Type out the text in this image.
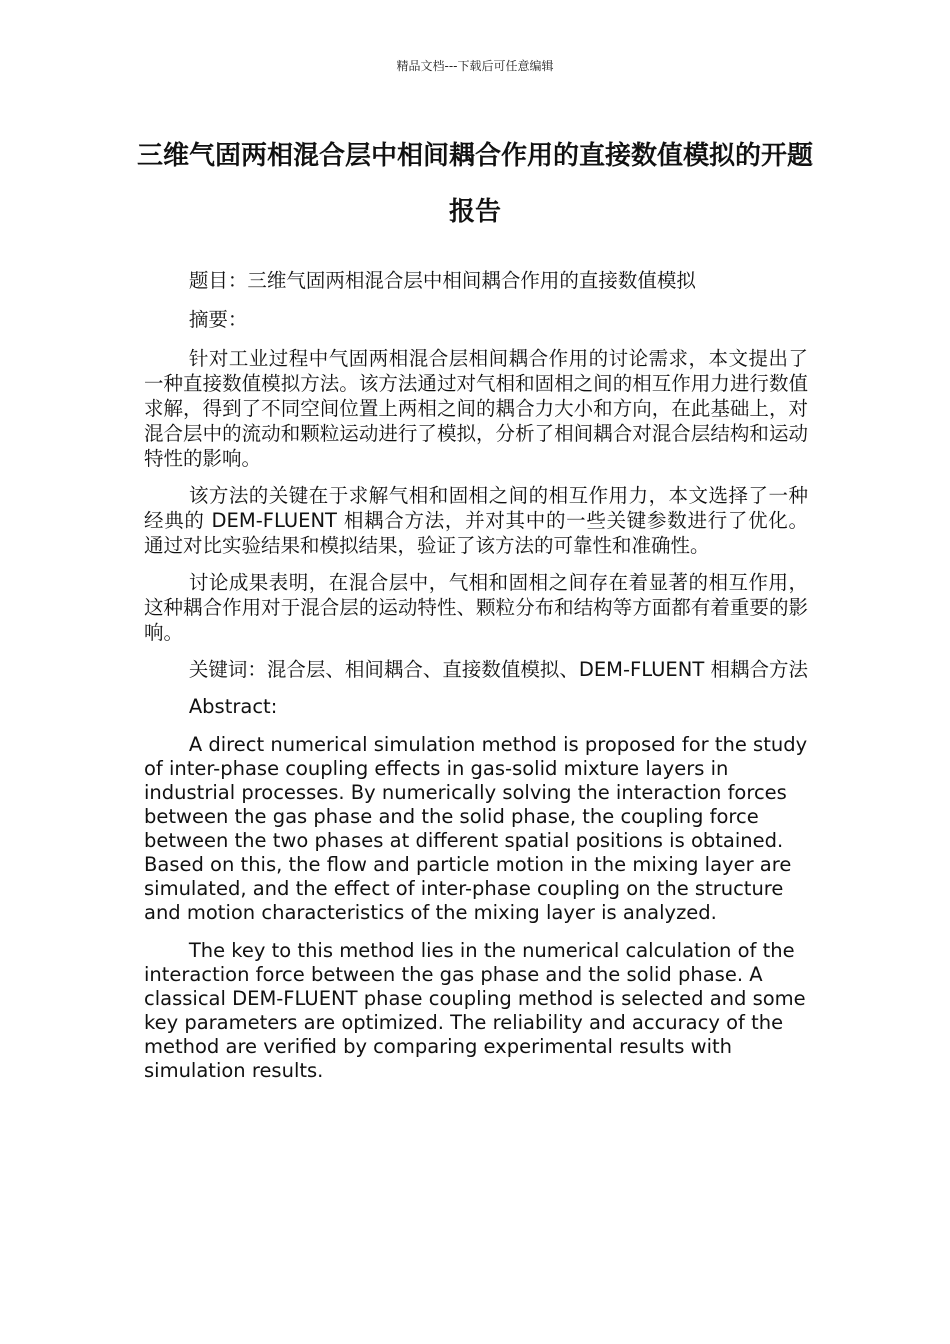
精品文档---下载后可任意编辑
三维气固两相混合层中相间耦合作用的直接数值模拟的开题报告

题目：三维气固两相混合层中相间耦合作用的直接数值模拟

摘要：

针对工业过程中气固两相混合层相间耦合作用的讨论需求，本文提出了一种直接数值模拟方法。该方法通过对气相和固相之间的相互作用力进行数值求解，得到了不同空间位置上两相之间的耦合力大小和方向，在此基础上，对混合层中的流动和颗粒运动进行了模拟，分析了相间耦合对混合层结构和运动特性的影响。

该方法的关键在于求解气相和固相之间的相互作用力，本文选择了一种经典的 DEM-FLUENT 相耦合方法，并对其中的一些关键参数进行了优化。通过对比实验结果和模拟结果，验证了该方法的可靠性和准确性。

讨论成果表明，在混合层中，气相和固相之间存在着显著的相互作用，这种耦合作用对于混合层的运动特性、颗粒分布和结构等方面都有着重要的影响。

关键词：混合层、相间耦合、直接数值模拟、DEM-FLUENT 相耦合方法

Abstract:

A direct numerical simulation method is proposed for the study of inter-phase coupling effects in gas-solid mixture layers in industrial processes. By numerically solving the interaction forces between the gas phase and the solid phase, the coupling force between the two phases at different spatial positions is obtained. Based on this, the flow and particle motion in the mixing layer are simulated, and the effect of inter-phase coupling on the structure and motion characteristics of the mixing layer is analyzed.

The key to this method lies in the numerical calculation of the interaction force between the gas phase and the solid phase. A classical DEM-FLUENT phase coupling method is selected and some key parameters are optimized. The reliability and accuracy of the method are verified by comparing experimental results with simulation results.
